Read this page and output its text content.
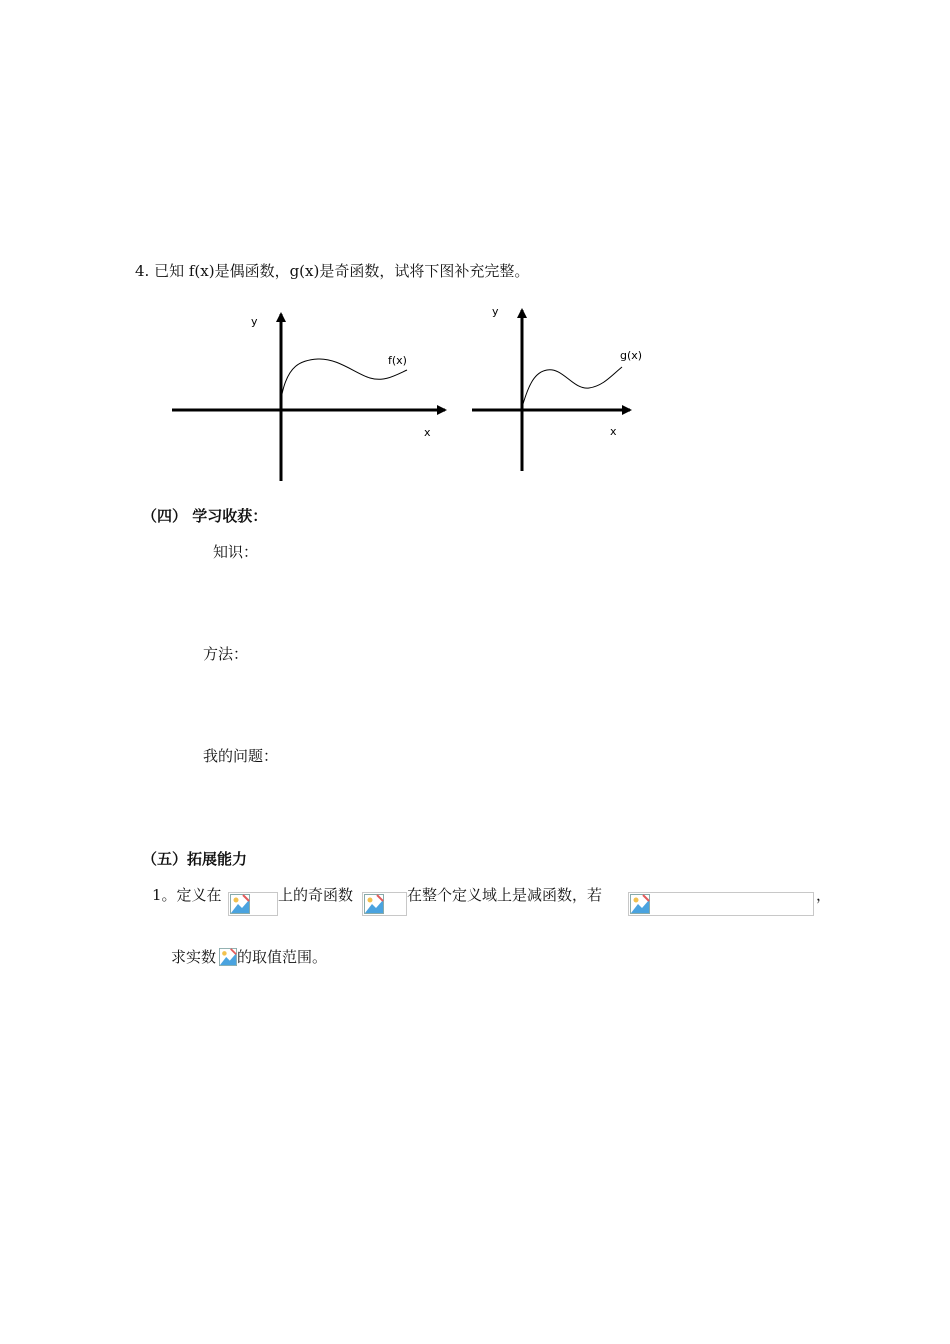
4. 已知 f(x)是偶函数，g(x)是奇函数，试将下图补充完整。
y
x
f(x)
y
x
g(x)
（四） 学习收获：
知识：
方法：
我的问题：
（五）拓展能力
1。定义在	上的奇函数	在整个定义域上是减函数，若	，
求实数 的取值范围。
